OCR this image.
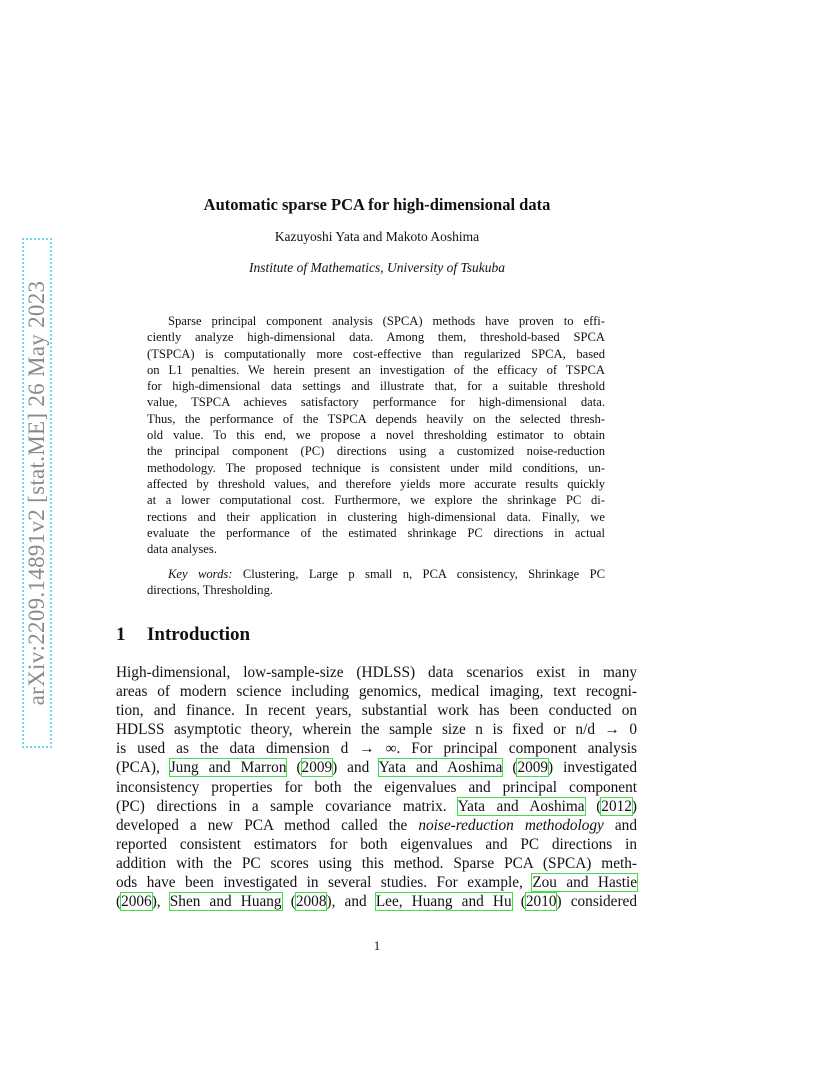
arXiv:2209.14891v2 [stat.ME] 26 May 2023
Automatic sparse PCA for high-dimensional data
Kazuyoshi Yata and Makoto Aoshima
Institute of Mathematics, University of Tsukuba
Sparse principal component analysis (SPCA) methods have proven to effi-
ciently analyze high-dimensional data. Among them, threshold-based SPCA
(TSPCA) is computationally more cost-effective than regularized SPCA, based
on L1 penalties. We herein present an investigation of the efficacy of TSPCA
for high-dimensional data settings and illustrate that, for a suitable threshold
value, TSPCA achieves satisfactory performance for high-dimensional data.
Thus, the performance of the TSPCA depends heavily on the selected thresh-
old value. To this end, we propose a novel thresholding estimator to obtain
the principal component (PC) directions using a customized noise-reduction
methodology. The proposed technique is consistent under mild conditions, un-
affected by threshold values, and therefore yields more accurate results quickly
at a lower computational cost. Furthermore, we explore the shrinkage PC di-
rections and their application in clustering high-dimensional data. Finally, we
evaluate the performance of the estimated shrinkage PC directions in actual
data analyses.
Key words: Clustering, Large p small n, PCA consistency, Shrinkage PC
directions, Thresholding.
1 Introduction
High-dimensional, low-sample-size (HDLSS) data scenarios exist in many
areas of modern science including genomics, medical imaging, text recogni-
tion, and finance. In recent years, substantial work has been conducted on
HDLSS asymptotic theory, wherein the sample size n is fixed or n/d → 0
is used as the data dimension d → ∞. For principal component analysis
(PCA), Jung and Marron (2009) and Yata and Aoshima (2009) investigated
inconsistency properties for both the eigenvalues and principal component
(PC) directions in a sample covariance matrix. Yata and Aoshima (2012)
developed a new PCA method called the noise-reduction methodology and
reported consistent estimators for both eigenvalues and PC directions in
addition with the PC scores using this method. Sparse PCA (SPCA) meth-
ods have been investigated in several studies. For example, Zou and Hastie
(2006), Shen and Huang (2008), and Lee, Huang and Hu (2010) considered
1
